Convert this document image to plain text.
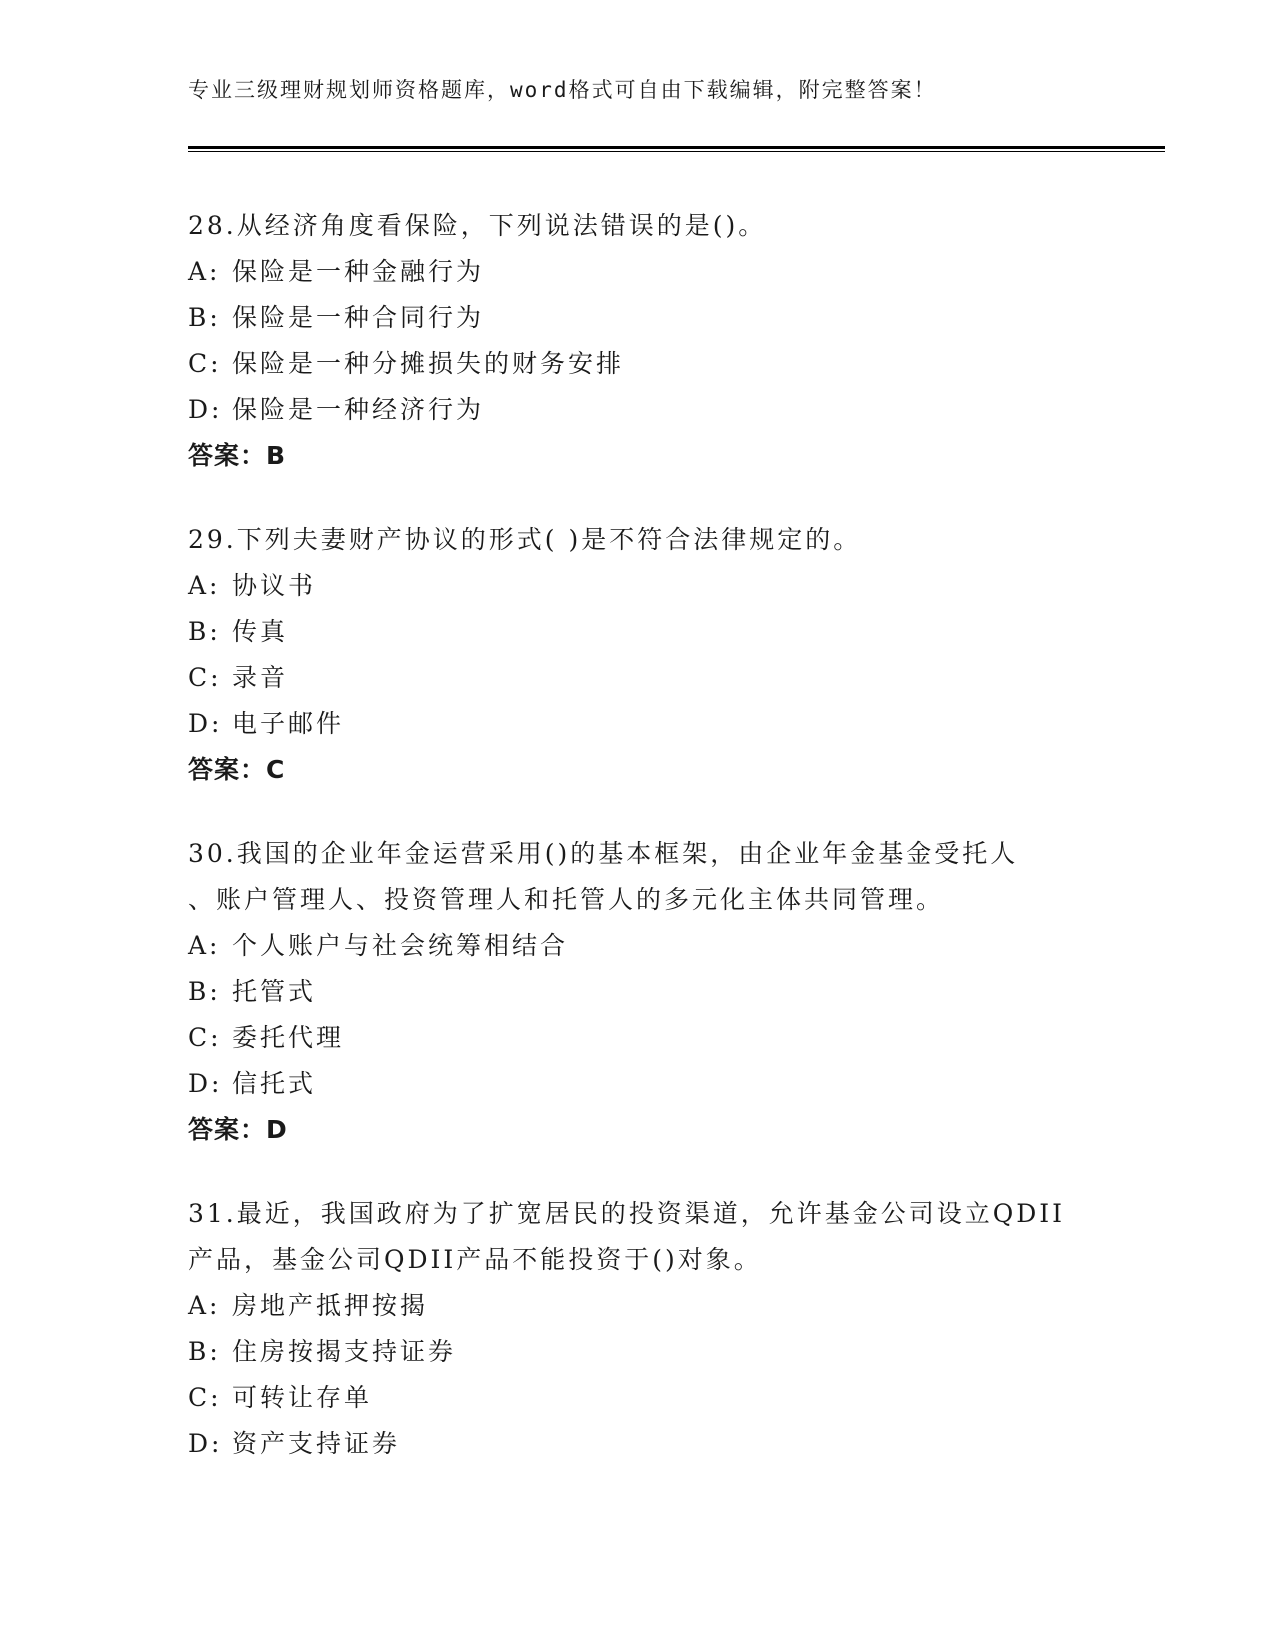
专业三级理财规划师资格题库，word格式可自由下载编辑，附完整答案！
28.从经济角度看保险，下列说法错误的是()。
A: 保险是一种金融行为
B: 保险是一种合同行为
C: 保险是一种分摊损失的财务安排
D: 保险是一种经济行为
答案：B
29.下列夫妻财产协议的形式( )是不符合法律规定的。
A: 协议书
B: 传真
C: 录音
D: 电子邮件
答案：C
30.我国的企业年金运营采用()的基本框架，由企业年金基金受托人
、账户管理人、投资管理人和托管人的多元化主体共同管理。
A: 个人账户与社会统筹相结合
B: 托管式
C: 委托代理
D: 信托式
答案：D
31.最近，我国政府为了扩宽居民的投资渠道，允许基金公司设立QDII
产品，基金公司QDII产品不能投资于()对象。
A: 房地产抵押按揭
B: 住房按揭支持证券
C: 可转让存单
D: 资产支持证券
